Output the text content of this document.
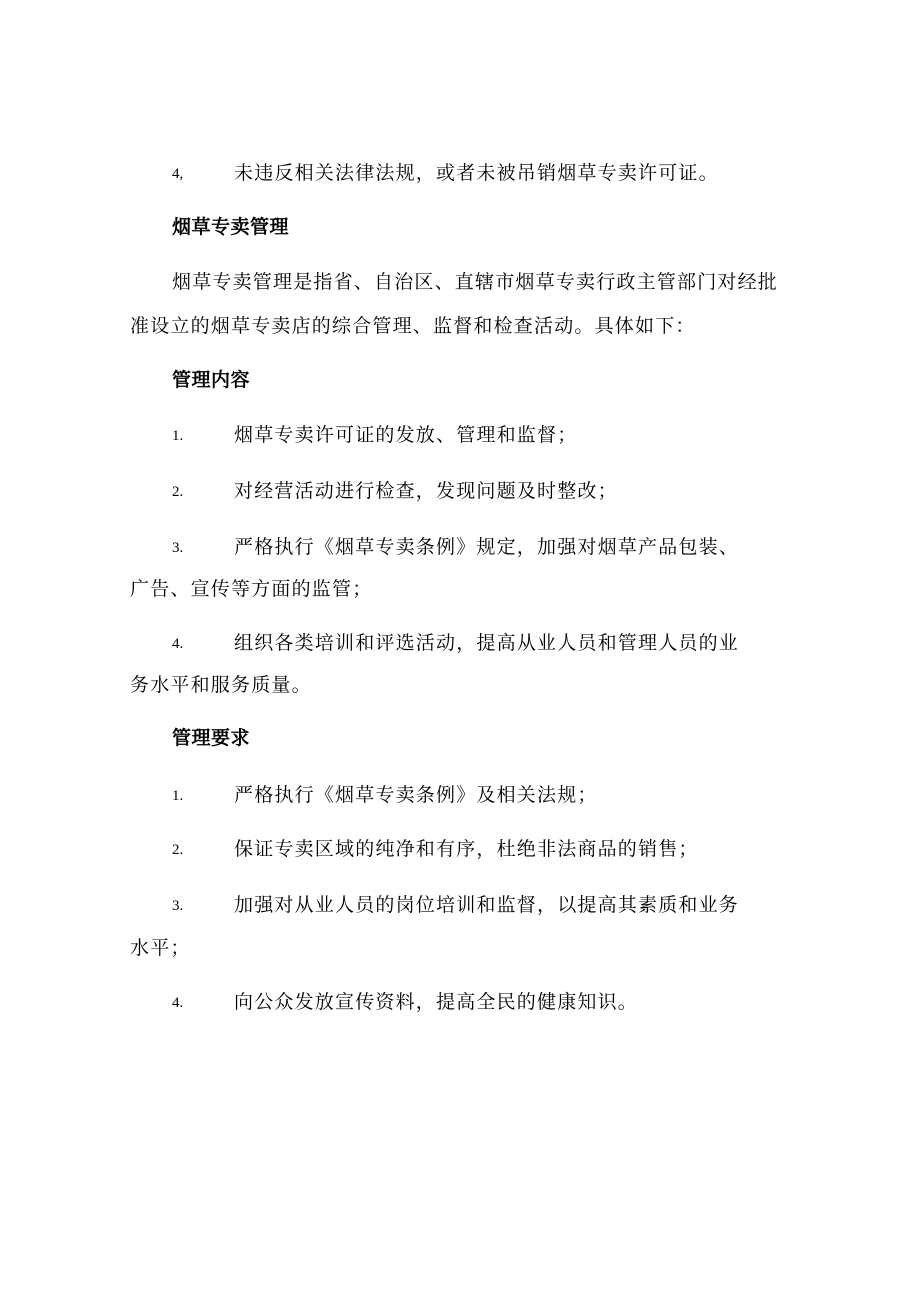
4,	未违反相关法律法规，或者未被吊销烟草专卖许可证。
烟草专卖管理
烟草专卖管理是指省、自治区、直辖市烟草专卖行政主管部门对经批
准设立的烟草专卖店的综合管理、监督和检查活动。具体如下：
管理内容
1.	烟草专卖许可证的发放、管理和监督；
2.	对经营活动进行检查，发现问题及时整改；
3.	严格执行《烟草专卖条例》规定，加强对烟草产品包装、
广告、宣传等方面的监管；
4.	组织各类培训和评选活动，提高从业人员和管理人员的业
务水平和服务质量。
管理要求
1.	严格执行《烟草专卖条例》及相关法规；
2.	保证专卖区域的纯净和有序，杜绝非法商品的销售；
3.	加强对从业人员的岗位培训和监督，以提高其素质和业务
水平；
4.	向公众发放宣传资料，提高全民的健康知识。
